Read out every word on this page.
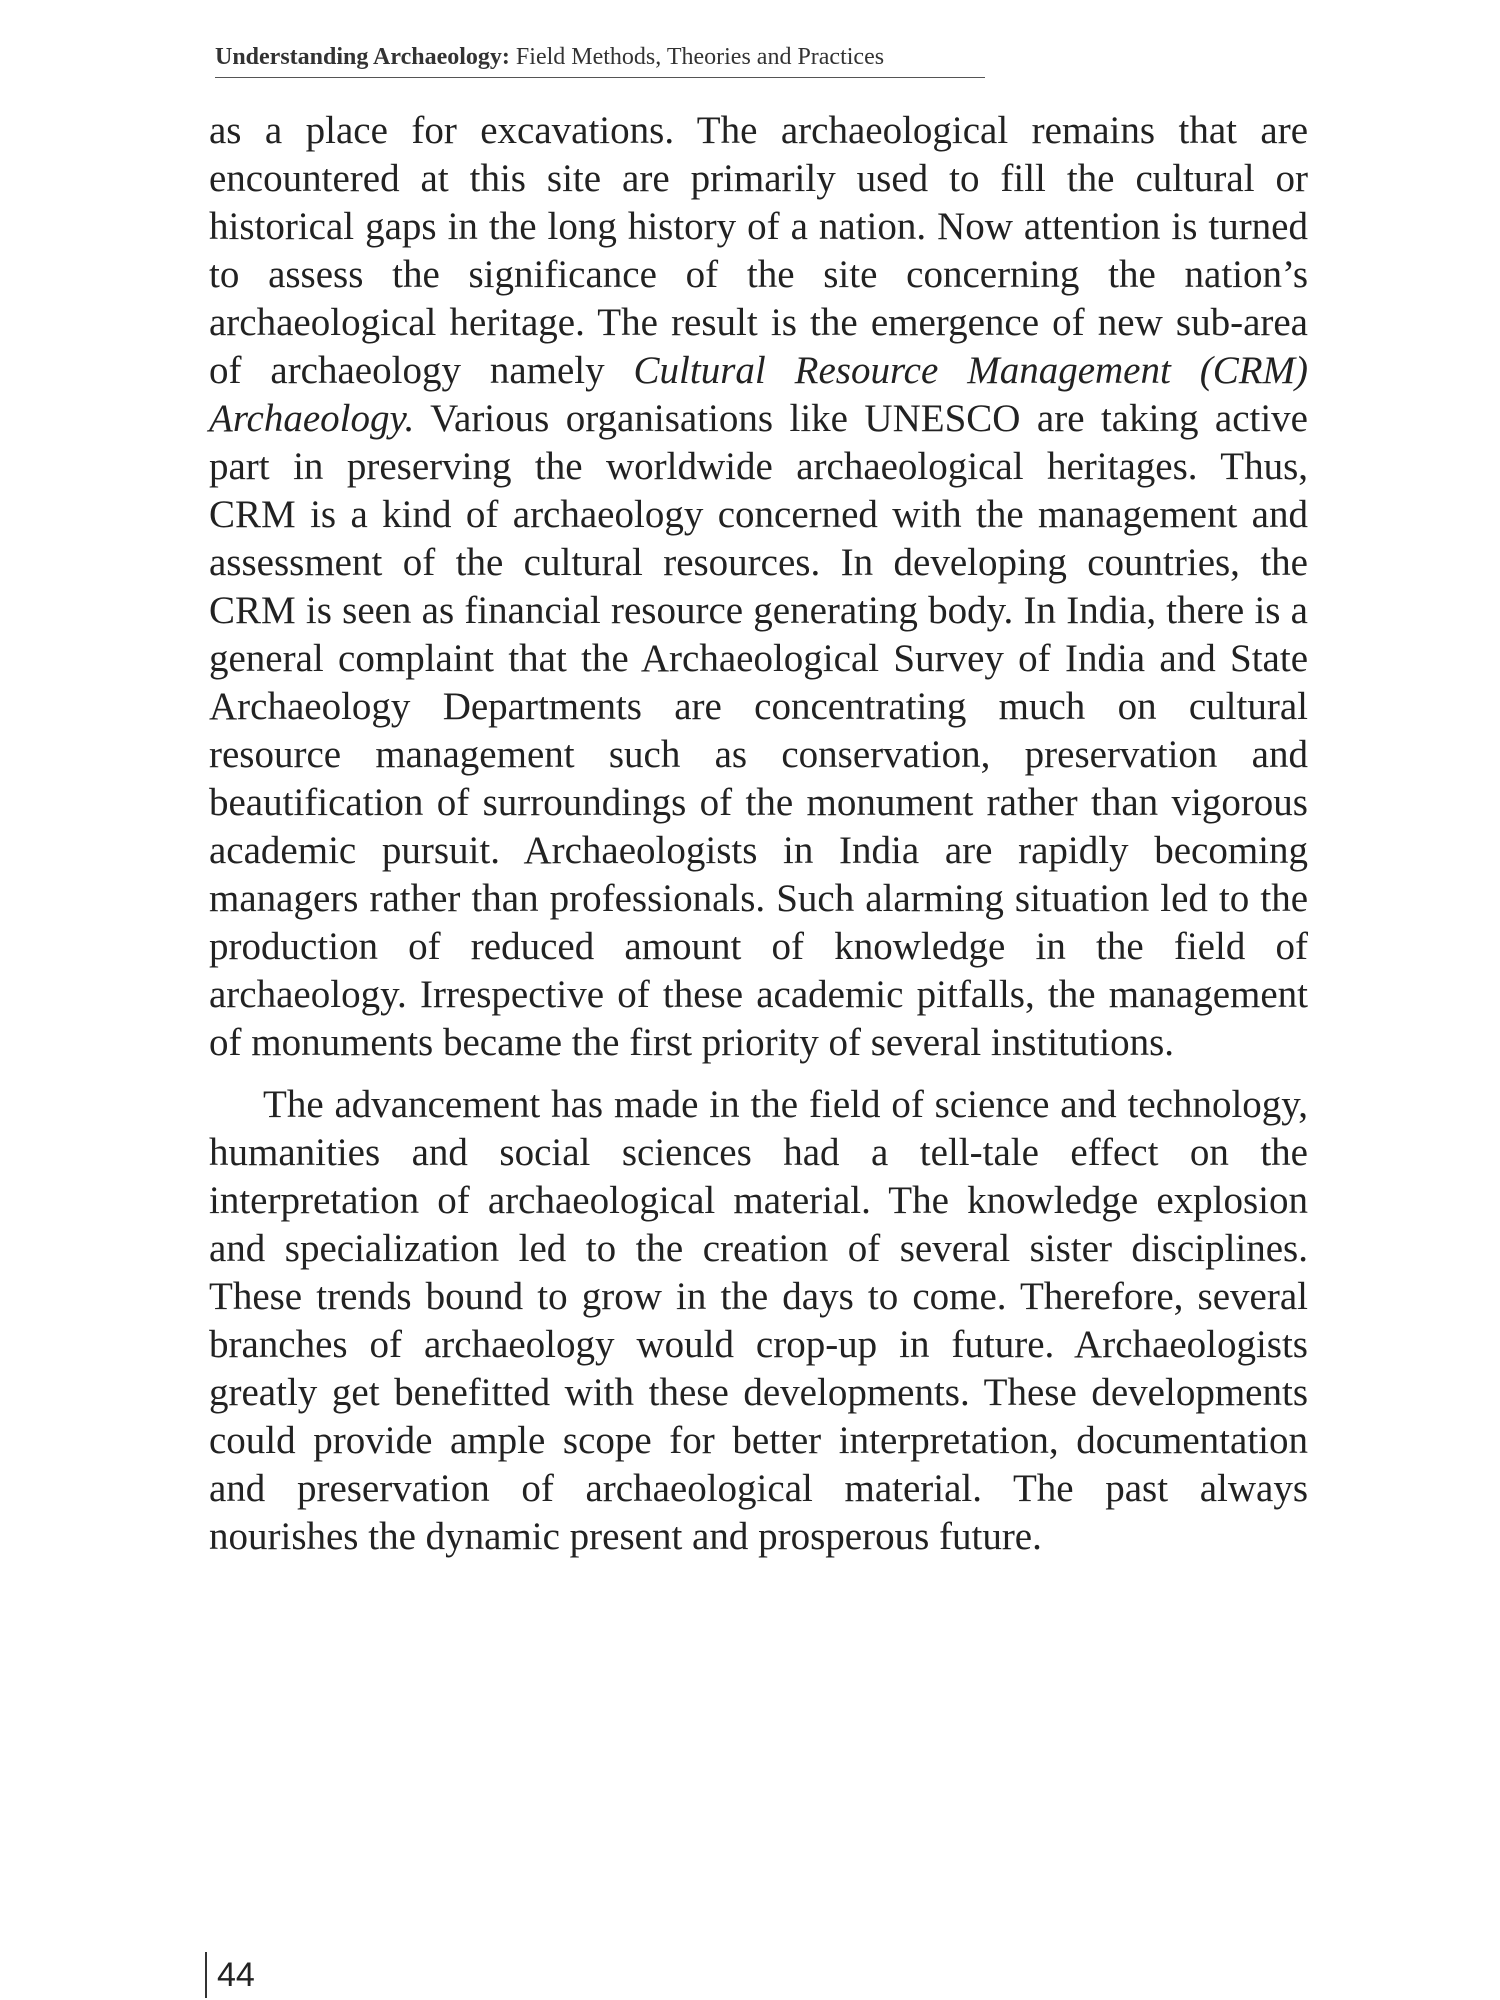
Understanding Archaeology: Field Methods, Theories and Practices

as a place for excavations. The archaeological remains that are encountered at this site are primarily used to fill the cultural or historical gaps in the long history of a nation. Now attention is turned to assess the significance of the site concerning the nation’s archaeological heritage. The result is the emergence of new sub-area of archaeology namely Cultural Resource Management (CRM) Archaeology. Various organisations like UNESCO are taking active part in preserving the worldwide archaeological heritages. Thus, CRM is a kind of archaeology concerned with the management and assessment of the cultural resources. In developing countries, the CRM is seen as financial resource generating body. In India, there is a general complaint that the Archaeological Survey of India and State Archaeology Departments are concentrating much on cultural resource management such as conservation, preservation and beautification of surroundings of the monument rather than vigorous academic pursuit. Archaeologists in India are rapidly becoming managers rather than professionals. Such alarming situation led to the production of reduced amount of knowledge in the field of archaeology. Irrespective of these academic pitfalls, the management of monuments became the first priority of several institutions.

The advancement has made in the field of science and technology, humanities and social sciences had a tell-tale effect on the interpretation of archaeological material. The knowledge explosion and specialization led to the creation of several sister disciplines. These trends bound to grow in the days to come. Therefore, several branches of archaeology would crop-up in future. Archaeologists greatly get benefitted with these developments. These developments could provide ample scope for better interpretation, documentation and preservation of archaeological material. The past always nourishes the dynamic present and prosperous future.

44
